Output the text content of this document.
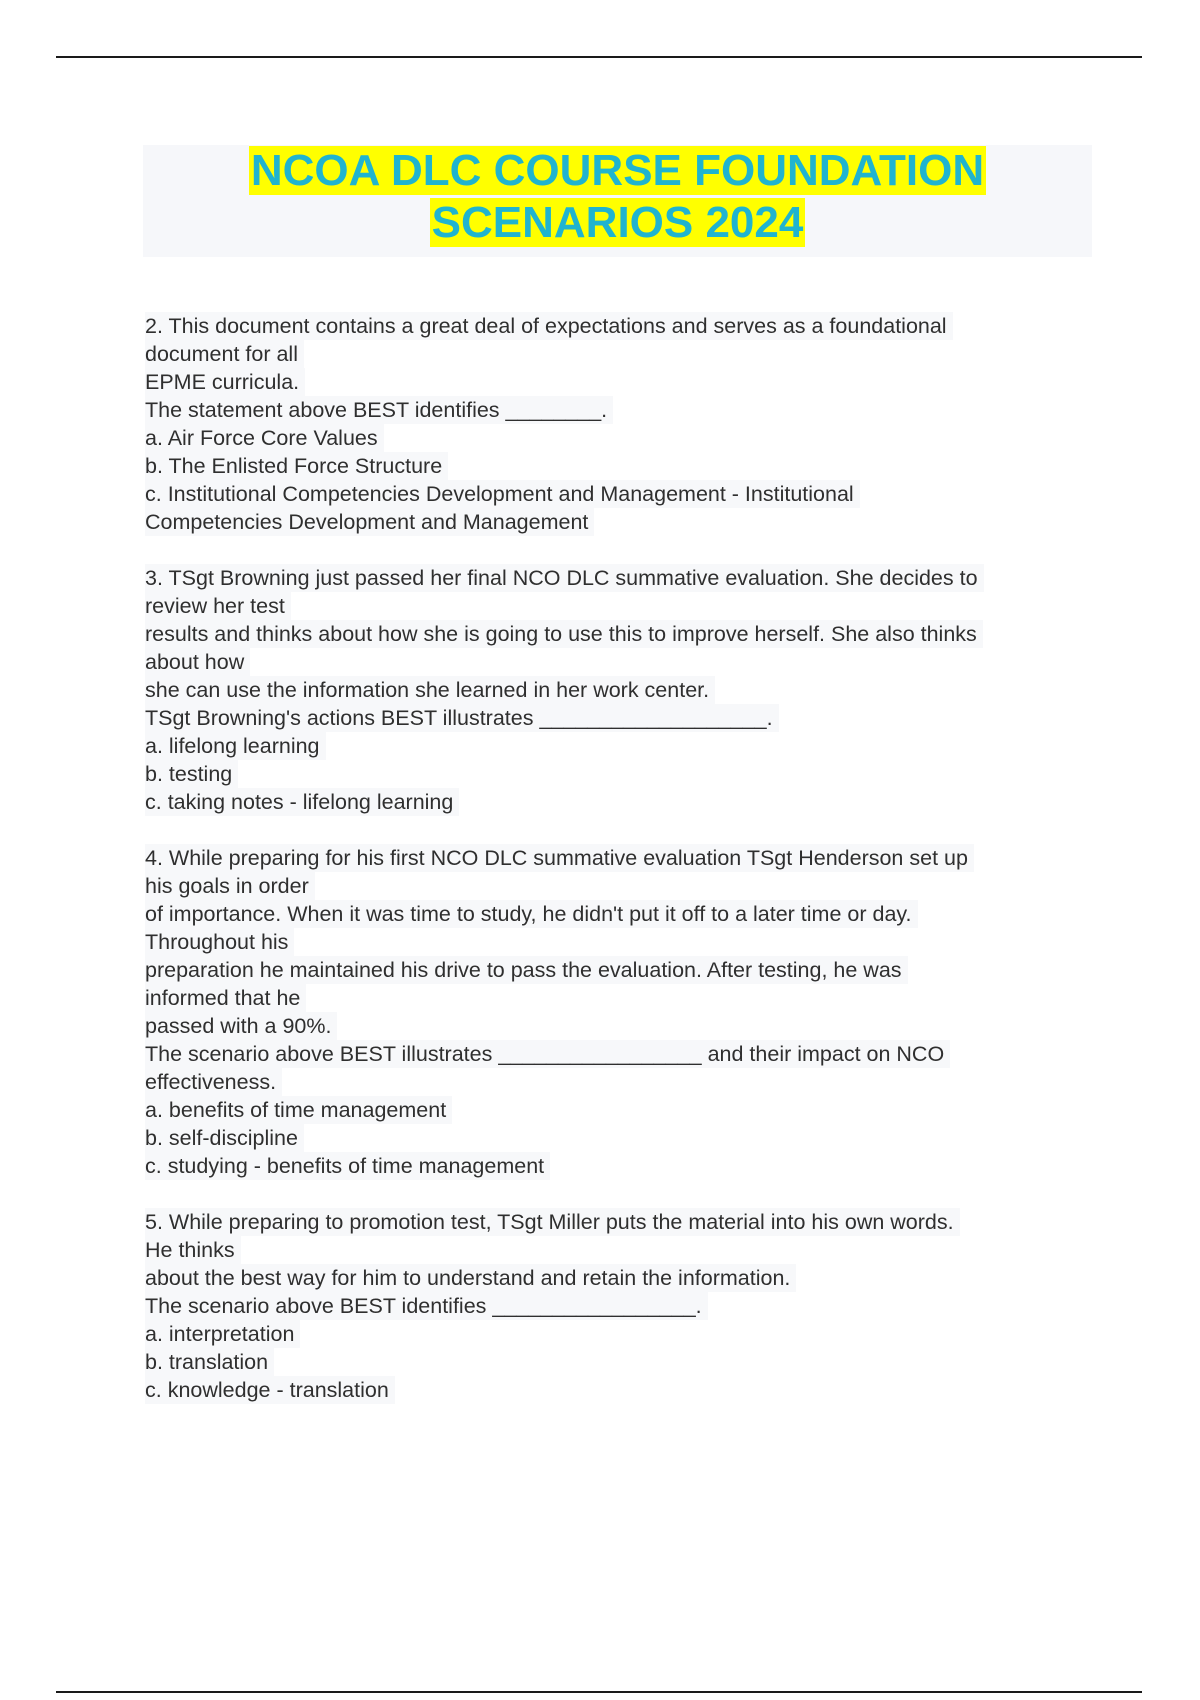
NCOA DLC COURSE FOUNDATION
SCENARIOS 2024
2. This document contains a great deal of expectations and serves as a foundational
document for all
EPME curricula.
The statement above BEST identifies ________.
a. Air Force Core Values
b. The Enlisted Force Structure
c. Institutional Competencies Development and Management - Institutional
Competencies Development and Management
3. TSgt Browning just passed her final NCO DLC summative evaluation. She decides to
review her test
results and thinks about how she is going to use this to improve herself. She also thinks
about how
she can use the information she learned in her work center.
TSgt Browning's actions BEST illustrates ___________________.
a. lifelong learning
b. testing
c. taking notes - lifelong learning
4. While preparing for his first NCO DLC summative evaluation TSgt Henderson set up
his goals in order
of importance. When it was time to study, he didn't put it off to a later time or day.
Throughout his
preparation he maintained his drive to pass the evaluation. After testing, he was
informed that he
passed with a 90%.
The scenario above BEST illustrates _________________ and their impact on NCO
effectiveness.
a. benefits of time management
b. self-discipline
c. studying - benefits of time management
5. While preparing to promotion test, TSgt Miller puts the material into his own words.
He thinks
about the best way for him to understand and retain the information.
The scenario above BEST identifies _________________.
a. interpretation
b. translation
c. knowledge - translation
